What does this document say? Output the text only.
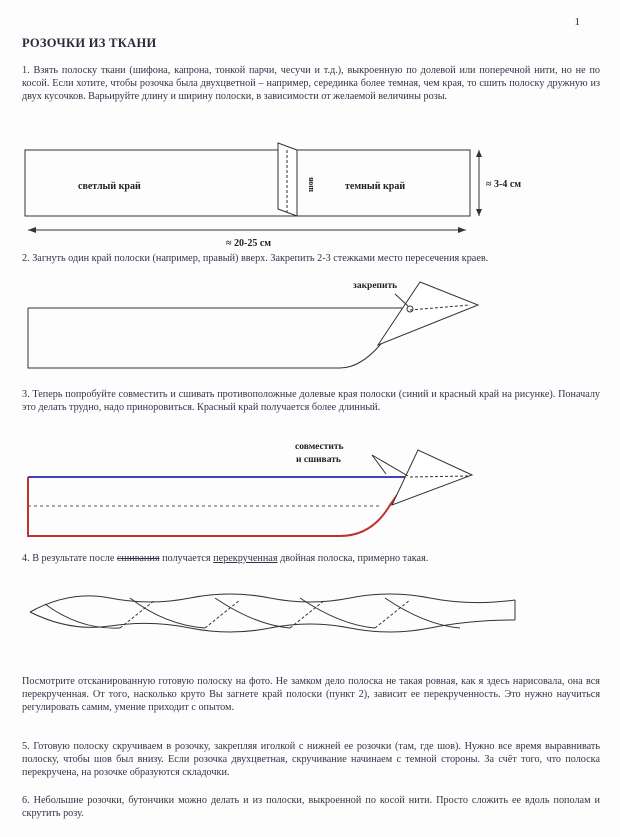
1
РОЗОЧКИ ИЗ ТКАНИ
1. Взять полоску ткани (шифона, капрона, тонкой парчи, чесучи и т.д.), выкроенную по долевой или поперечной нити, но не по косой. Если хотите, чтобы розочка была двухцветной – например, серединка более темная, чем края, то сшить полоску дружную из двух кусочков. Варьируйте длину и ширину полоски, в зависимости от желаемой величины розы.
светлый край	темный край
шов	≈ 3-4 см
≈ 20-25 см
закрепить
совместить
и сшивать
2. Загнуть один край полоски (например, правый) вверх. Закрепить 2-3 стежками место пересечения краев.
3. Теперь попробуйте совместить и сшивать противоположные долевые края полоски (синий и красный край на рисунке). Поначалу это делать трудно, надо приноровиться. Красный край получается более длинный.
4. В результате после сшивания получается перекрученная двойная полоска, примерно такая.
Посмотрите отсканированную готовую полоску на фото. Не замком дело полоска не такая ровная, как я здесь нарисовала, она вся перекрученная. От того, насколько круто Вы загнете край полоски (пункт 2), зависит ее перекрученность. Это нужно научиться регулировать самим, умение приходит с опытом.
5. Готовую полоску скручиваем в розочку, закрепляя иголкой с нижней ее розочки (там, где шов). Нужно все время выравнивать полоску, чтобы шов был внизу. Если розочка двухцветная, скручивание начинаем с темной стороны. За счёт того, что полоска перекручена, на розочке образуются складочки.
6. Небольшие розочки, бутончики можно делать и из полоски, выкроенной по косой нити. Просто сложить ее вдоль пополам и скрутить розу.
